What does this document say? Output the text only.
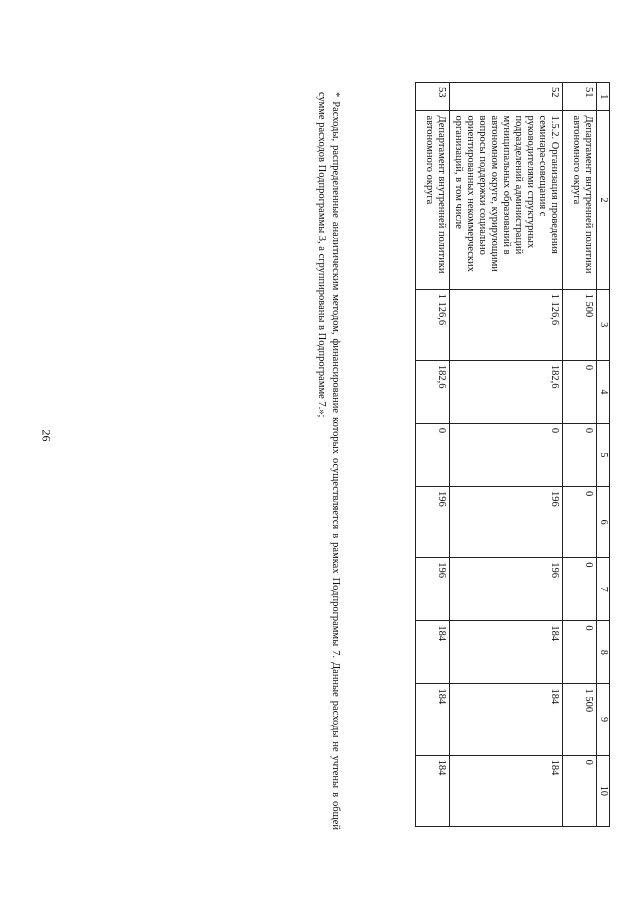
26
1	2	3	4	5	6	7	8	9	10
51	Департамент внутренней политики автономного округа	1 500	0	0	0	0	0	1 500	0
52	1.5.2. Организация проведения семинара-совещания с руководителями структурных подразделений администраций муниципальных образований в автономном округе, курирующими вопросы поддержки социально ориентированных некоммерческих организаций, в том числе	1 126,6	182,6	0	196	196	184	184	184
53	Департамент внутренней политики автономного округа	1 126,6	182,6	0	196	196	184	184	184
* Расходы, распределенные аналитическим методом, финансирование которых осуществляется в рамках Подпрограммы 7. Данные расходы не учтены в общей сумме расходов Подпрограммы 3, а сгруппированы в Подпрограмме 7.»;
